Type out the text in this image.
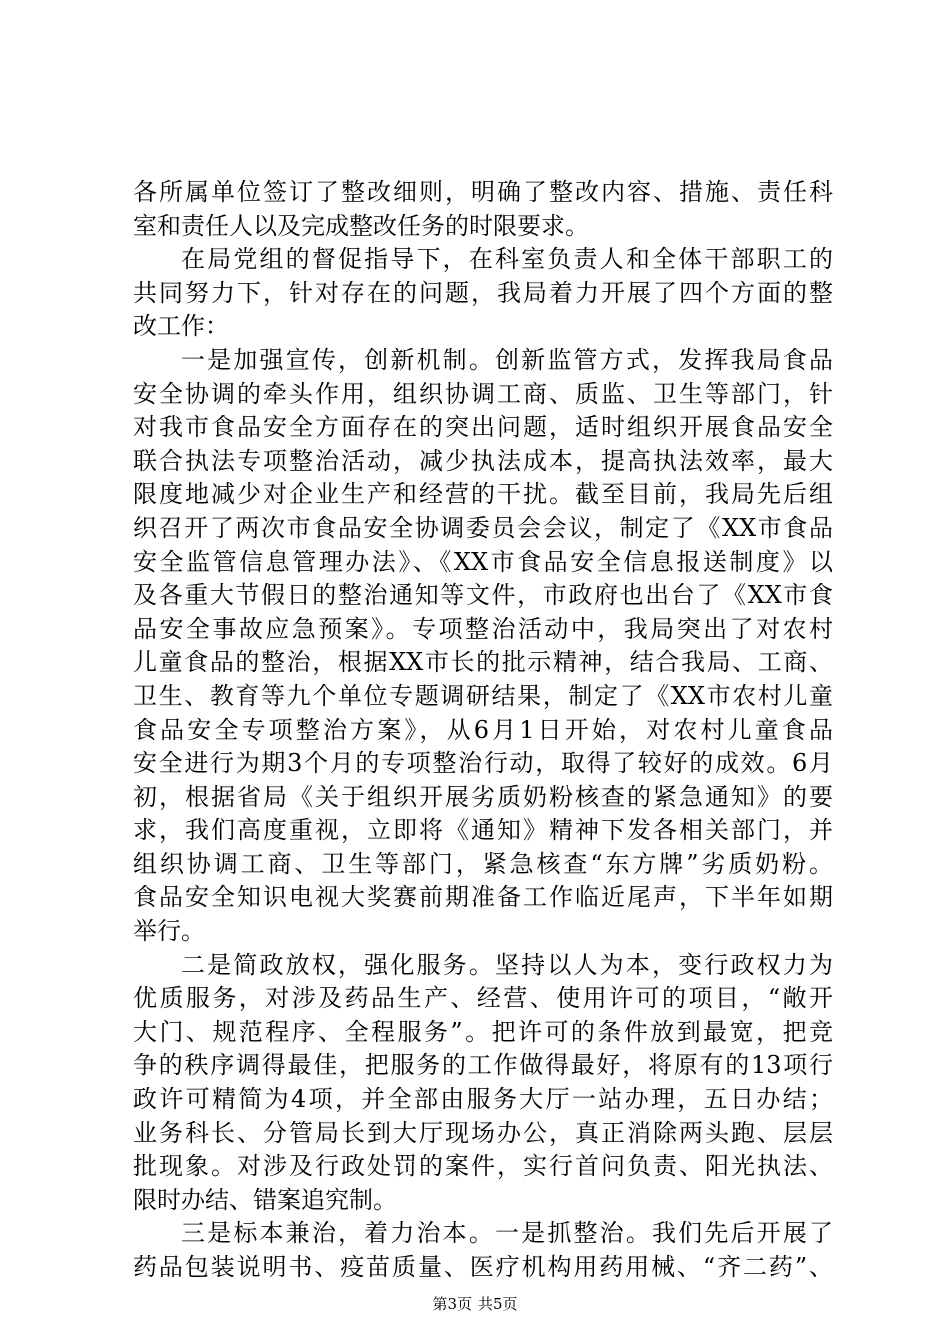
各所属单位签订了整改细则，明确了整改内容、措施、责任科
室和责任人以及完成整改任务的时限要求。
在局党组的督促指导下，在科室负责人和全体干部职工的
共同努力下，针对存在的问题，我局着力开展了四个方面的整
改工作：
一是加强宣传，创新机制。创新监管方式，发挥我局食品
安全协调的牵头作用，组织协调工商、质监、卫生等部门，针
对我市食品安全方面存在的突出问题，适时组织开展食品安全
联合执法专项整治活动，减少执法成本，提高执法效率，最大
限度地减少对企业生产和经营的干扰。截至目前，我局先后组
织召开了两次市食品安全协调委员会会议，制定了《XX市食品
安全监管信息管理办法》、《XX市食品安全信息报送制度》以
及各重大节假日的整治通知等文件，市政府也出台了《XX市食
品安全事故应急预案》。专项整治活动中，我局突出了对农村
儿童食品的整治，根据XX市长的批示精神，结合我局、工商、
卫生、教育等九个单位专题调研结果，制定了《XX市农村儿童
食品安全专项整治方案》，从6月1日开始，对农村儿童食品
安全进行为期3个月的专项整治行动，取得了较好的成效。6月
初，根据省局《关于组织开展劣质奶粉核查的紧急通知》的要
求，我们高度重视，立即将《通知》精神下发各相关部门，并
组织协调工商、卫生等部门，紧急核查“东方牌”劣质奶粉。
食品安全知识电视大奖赛前期准备工作临近尾声，下半年如期
举行。
二是简政放权，强化服务。坚持以人为本，变行政权力为
优质服务，对涉及药品生产、经营、使用许可的项目，“敞开
大门、规范程序、全程服务”。把许可的条件放到最宽，把竞
争的秩序调得最佳，把服务的工作做得最好，将原有的13项行
政许可精简为4项，并全部由服务大厅一站办理，五日办结；
业务科长、分管局长到大厅现场办公，真正消除两头跑、层层
批现象。对涉及行政处罚的案件，实行首问负责、阳光执法、
限时办结、错案追究制。
三是标本兼治，着力治本。一是抓整治。我们先后开展了
药品包装说明书、疫苗质量、医疗机构用药用械、“齐二药”、
第3页 共5页
